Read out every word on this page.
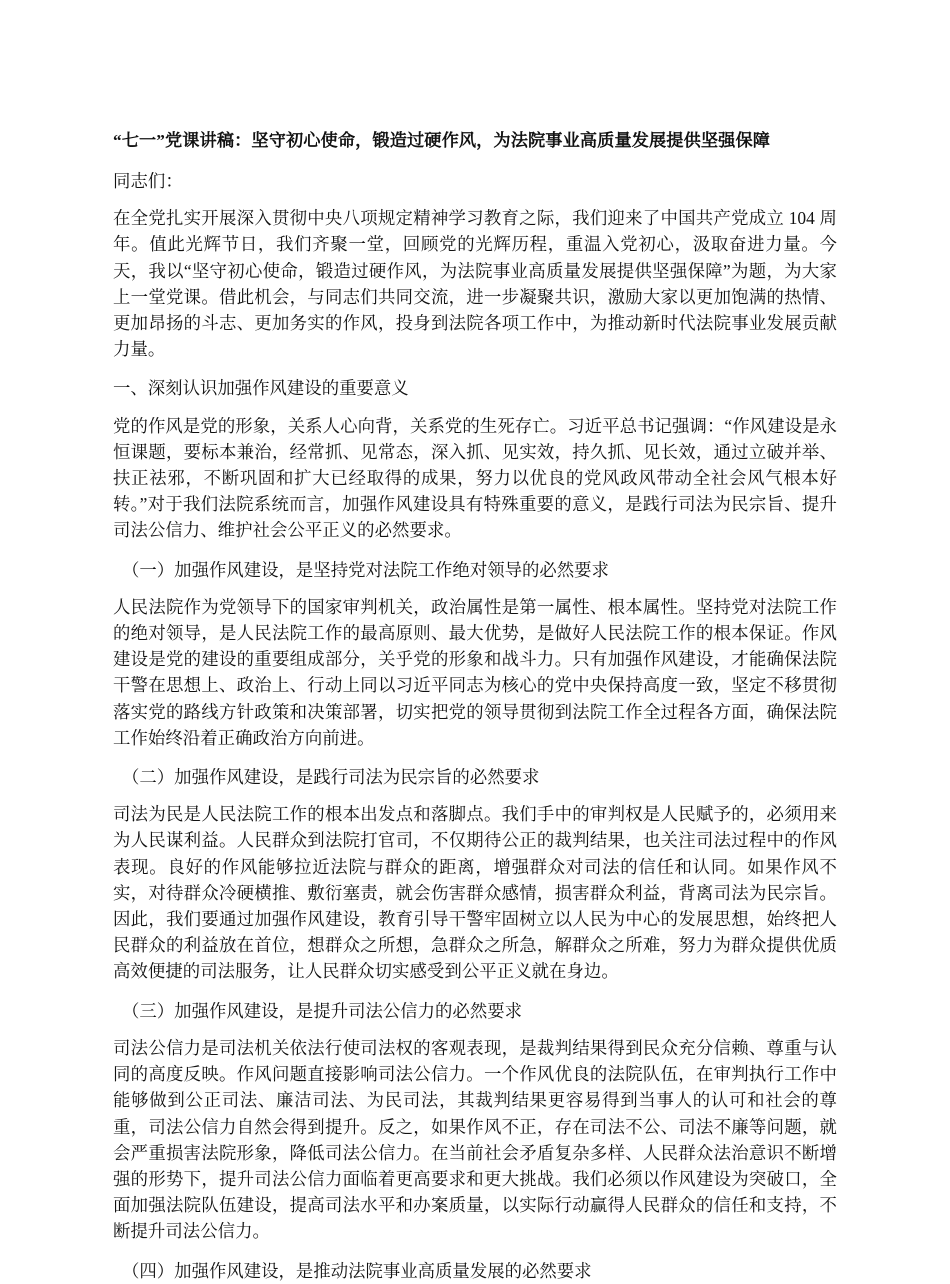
“七一”党课讲稿：坚守初心使命，锻造过硬作风，为法院事业高质量发展提供坚强保障

同志们：

在全党扎实开展深入贯彻中央八项规定精神学习教育之际，我们迎来了中国共产党成立 104 周年。值此光辉节日，我们齐聚一堂，回顾党的光辉历程，重温入党初心，汲取奋进力量。今天，我以“坚守初心使命，锻造过硬作风，为法院事业高质量发展提供坚强保障”为题，为大家上一堂党课。借此机会，与同志们共同交流，进一步凝聚共识，激励大家以更加饱满的热情、更加昂扬的斗志、更加务实的作风，投身到法院各项工作中，为推动新时代法院事业发展贡献力量。

一、深刻认识加强作风建设的重要意义

党的作风是党的形象，关系人心向背，关系党的生死存亡。习近平总书记强调：“作风建设是永恒课题，要标本兼治，经常抓、见常态，深入抓、见实效，持久抓、见长效，通过立破并举、扶正祛邪，不断巩固和扩大已经取得的成果，努力以优良的党风政风带动全社会风气根本好转。”对于我们法院系统而言，加强作风建设具有特殊重要的意义，是践行司法为民宗旨、提升司法公信力、维护社会公平正义的必然要求。

（一）加强作风建设，是坚持党对法院工作绝对领导的必然要求

人民法院作为党领导下的国家审判机关，政治属性是第一属性、根本属性。坚持党对法院工作的绝对领导，是人民法院工作的最高原则、最大优势，是做好人民法院工作的根本保证。作风建设是党的建设的重要组成部分，关乎党的形象和战斗力。只有加强作风建设，才能确保法院干警在思想上、政治上、行动上同以习近平同志为核心的党中央保持高度一致，坚定不移贯彻落实党的路线方针政策和决策部署，切实把党的领导贯彻到法院工作全过程各方面，确保法院工作始终沿着正确政治方向前进。

（二）加强作风建设，是践行司法为民宗旨的必然要求

司法为民是人民法院工作的根本出发点和落脚点。我们手中的审判权是人民赋予的，必须用来为人民谋利益。人民群众到法院打官司，不仅期待公正的裁判结果，也关注司法过程中的作风表现。良好的作风能够拉近法院与群众的距离，增强群众对司法的信任和认同。如果作风不实，对待群众冷硬横推、敷衍塞责，就会伤害群众感情，损害群众利益，背离司法为民宗旨。因此，我们要通过加强作风建设，教育引导干警牢固树立以人民为中心的发展思想，始终把人民群众的利益放在首位，想群众之所想，急群众之所急，解群众之所难，努力为群众提供优质高效便捷的司法服务，让人民群众切实感受到公平正义就在身边。

（三）加强作风建设，是提升司法公信力的必然要求

司法公信力是司法机关依法行使司法权的客观表现，是裁判结果得到民众充分信赖、尊重与认同的高度反映。作风问题直接影响司法公信力。一个作风优良的法院队伍，在审判执行工作中能够做到公正司法、廉洁司法、为民司法，其裁判结果更容易得到当事人的认可和社会的尊重，司法公信力自然会得到提升。反之，如果作风不正，存在司法不公、司法不廉等问题，就会严重损害法院形象，降低司法公信力。在当前社会矛盾复杂多样、人民群众法治意识不断增强的形势下，提升司法公信力面临着更高要求和更大挑战。我们必须以作风建设为突破口，全面加强法院队伍建设，提高司法水平和办案质量，以实际行动赢得人民群众的信任和支持，不断提升司法公信力。

（四）加强作风建设，是推动法院事业高质量发展的必然要求
